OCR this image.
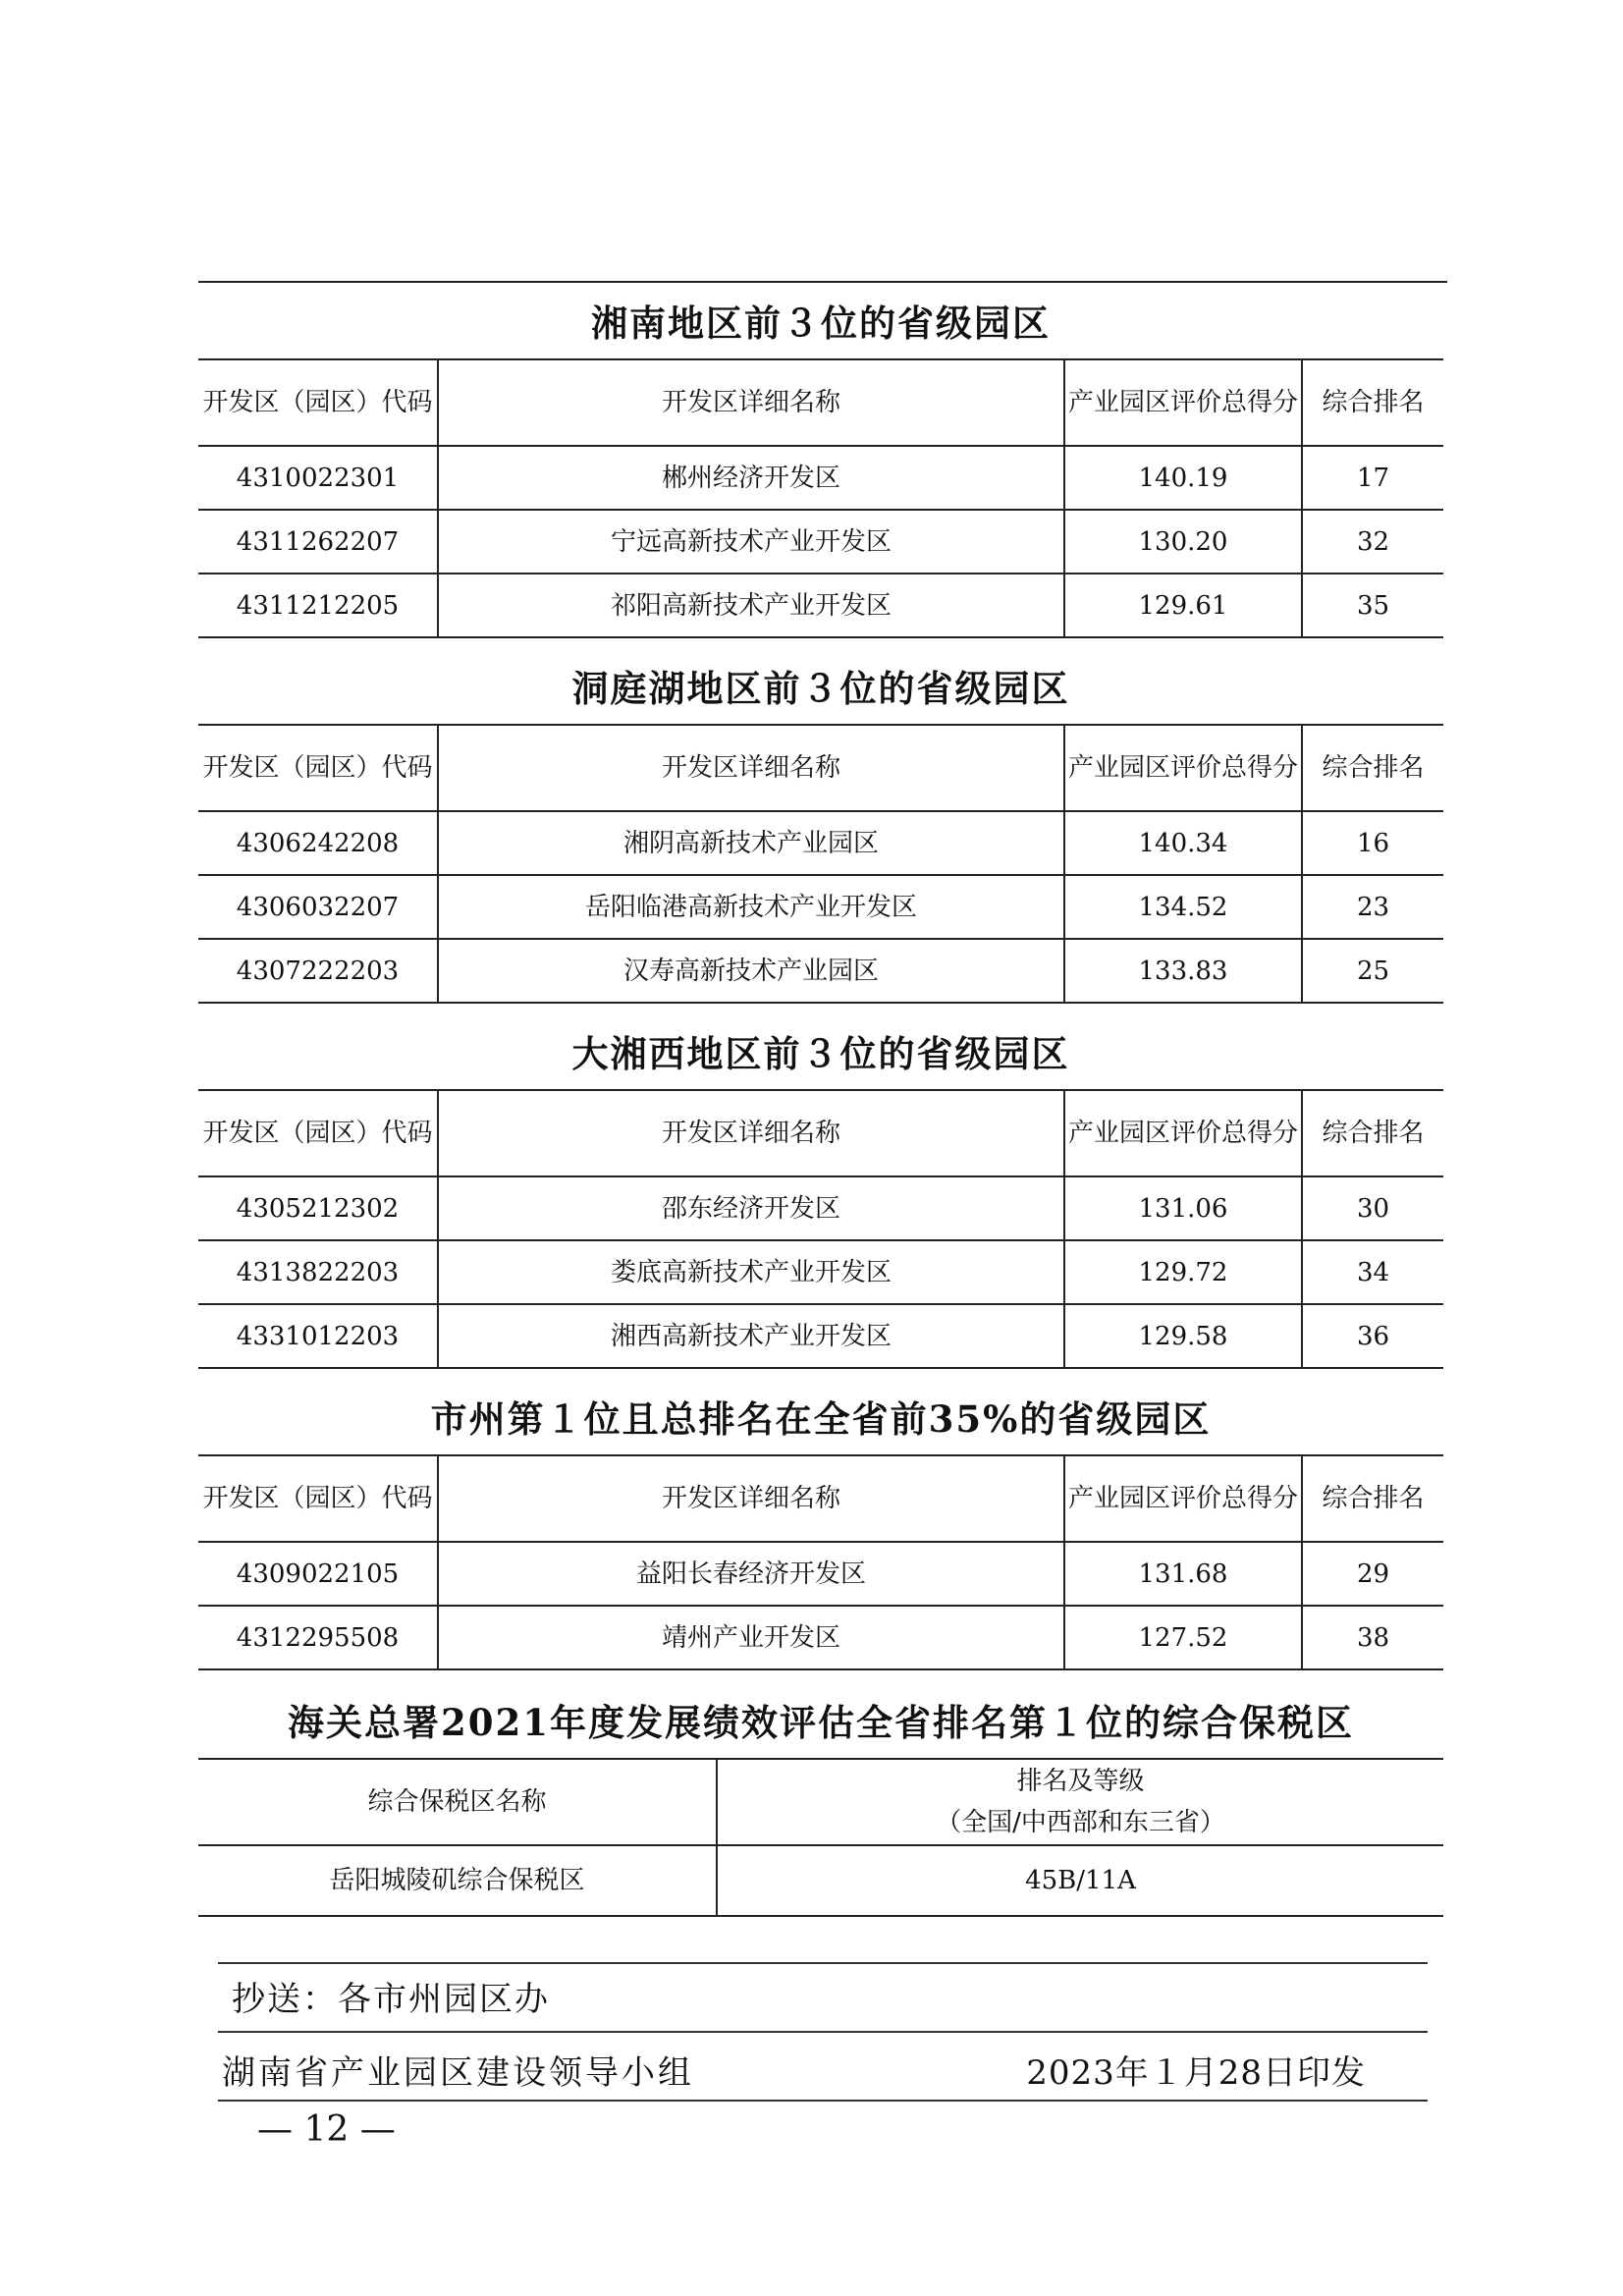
湘南地区前３位的省级园区
开发区（园区）代码	开发区详细名称	产业园区评价总得分	综合排名
4310022301	郴州经济开发区	140.19	17
4311262207	宁远高新技术产业开发区	130.20	32
4311212205	祁阳高新技术产业开发区	129.61	35
洞庭湖地区前３位的省级园区
开发区（园区）代码	开发区详细名称	产业园区评价总得分	综合排名
4306242208	湘阴高新技术产业园区	140.34	16
4306032207	岳阳临港高新技术产业开发区	134.52	23
4307222203	汉寿高新技术产业园区	133.83	25
大湘西地区前３位的省级园区
开发区（园区）代码	开发区详细名称	产业园区评价总得分	综合排名
4305212302	邵东经济开发区	131.06	30
4313822203	娄底高新技术产业开发区	129.72	34
4331012203	湘西高新技术产业开发区	129.58	36
市州第１位且总排名在全省前35%的省级园区
开发区（园区）代码	开发区详细名称	产业园区评价总得分	综合排名
4309022105	益阳长春经济开发区	131.68	29
4312295508	靖州产业开发区	127.52	38
海关总署2021年度发展绩效评估全省排名第１位的综合保税区
综合保税区名称	排名及等级
（全国/中西部和东三省）

岳阳城陵矶综合保税区	45B/11A
抄送：各市州园区办
湖南省产业园区建设领导小组	2023年１月28日印发
— 12 —
